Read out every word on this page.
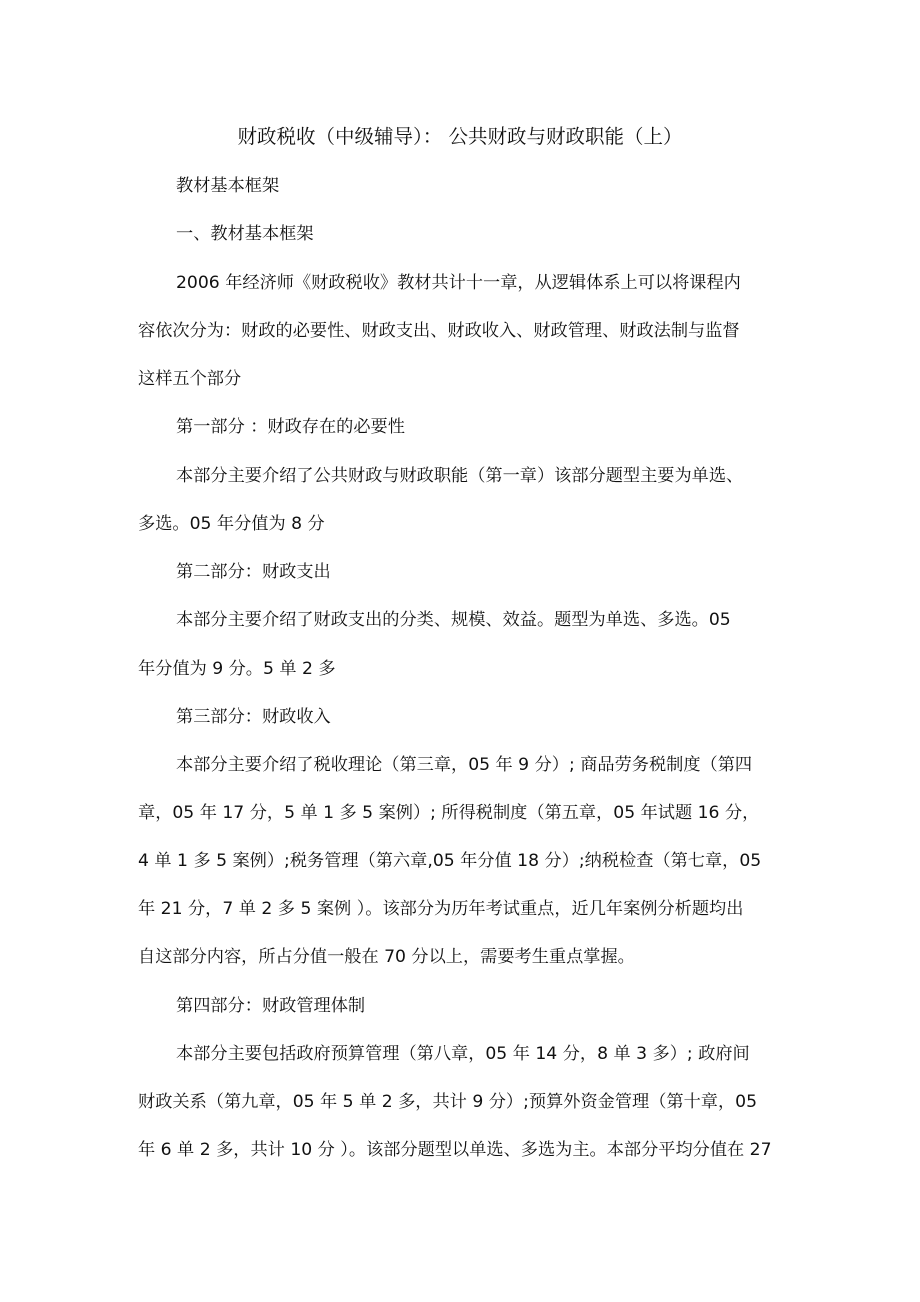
财政税收（中级辅导）： 公共财政与财政职能（上）

教材基本框架

一、教材基本框架

2006 年经济师《财政税收》教材共计十一章，从逻辑体系上可以将课程内

容依次分为：财政的必要性、财政支出、财政收入、财政管理、财政法制与监督

这样五个部分

第一部分 ：财政存在的必要性

本部分主要介绍了公共财政与财政职能（第一章）该部分题型主要为单选、

多选。05 年分值为 8 分

第二部分：财政支出

本部分主要介绍了财政支出的分类、规模、效益。题型为单选、多选。05

年分值为 9 分。5 单 2 多

第三部分：财政收入

本部分主要介绍了税收理论（第三章，05 年 9 分）; 商品劳务税制度（第四

章，05 年 17 分，5 单 1 多 5 案例）; 所得税制度（第五章，05 年试题 16 分，

4 单 1 多 5 案例）;税务管理（第六章,05 年分值 18 分）;纳税检查（第七章，05

年 21 分，7 单 2 多 5 案例 ）。该部分为历年考试重点，近几年案例分析题均出

自这部分内容，所占分值一般在 70 分以上，需要考生重点掌握。

第四部分：财政管理体制

本部分主要包括政府预算管理（第八章，05 年 14 分，8 单 3 多）; 政府间

财政关系（第九章，05 年 5 单 2 多，共计 9 分）;预算外资金管理（第十章，05

年 6 单 2 多，共计 10 分 ）。该部分题型以单选、多选为主。本部分平均分值在 27
